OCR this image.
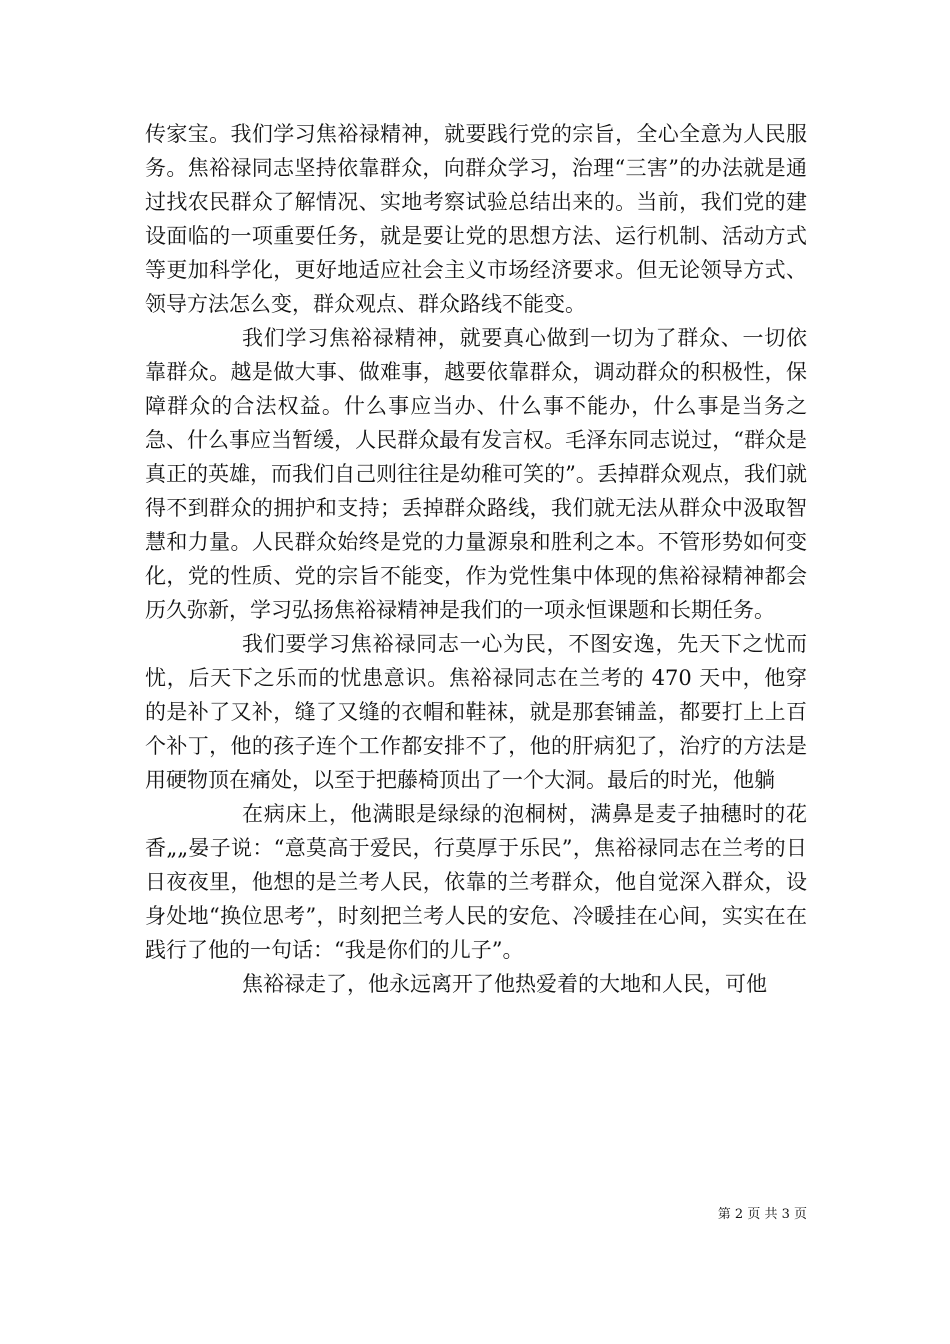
传家宝。我们学习焦裕禄精神，就要践行党的宗旨，全心全意为人民服务。焦裕禄同志坚持依靠群众，向群众学习，治理“三害”的办法就是通过找农民群众了解情况、实地考察试验总结出来的。当前，我们党的建设面临的一项重要任务，就是要让党的思想方法、运行机制、活动方式等更加科学化，更好地适应社会主义市场经济要求。但无论领导方式、领导方法怎么变，群众观点、群众路线不能变。

我们学习焦裕禄精神，就要真心做到一切为了群众、一切依靠群众。越是做大事、做难事，越要依靠群众，调动群众的积极性，保障群众的合法权益。什么事应当办、什么事不能办，什么事是当务之急、什么事应当暂缓，人民群众最有发言权。毛泽东同志说过，“群众是真正的英雄，而我们自己则往往是幼稚可笑的”。丢掉群众观点，我们就得不到群众的拥护和支持；丢掉群众路线，我们就无法从群众中汲取智慧和力量。人民群众始终是党的力量源泉和胜利之本。不管形势如何变化，党的性质、党的宗旨不能变，作为党性集中体现的焦裕禄精神都会历久弥新，学习弘扬焦裕禄精神是我们的一项永恒课题和长期任务。

我们要学习焦裕禄同志一心为民，不图安逸，先天下之忧而忧，后天下之乐而的忧患意识。焦裕禄同志在兰考的 470 天中，他穿的是补了又补，缝了又缝的衣帽和鞋袜，就是那套铺盖，都要打上上百个补丁，他的孩子连个工作都安排不了，他的肝病犯了，治疗的方法是用硬物顶在痛处，以至于把藤椅顶出了一个大洞。最后的时光，他躺

在病床上，他满眼是绿绿的泡桐树，满鼻是麦子抽穗时的花香„„晏子说：“意莫高于爱民，行莫厚于乐民”，焦裕禄同志在兰考的日日夜夜里，他想的是兰考人民，依靠的兰考群众，他自觉深入群众，设身处地“换位思考”，时刻把兰考人民的安危、冷暖挂在心间，实实在在践行了他的一句话：“我是你们的儿子”。

焦裕禄走了，他永远离开了他热爱着的大地和人民，可他

第 2 页 共 3 页
